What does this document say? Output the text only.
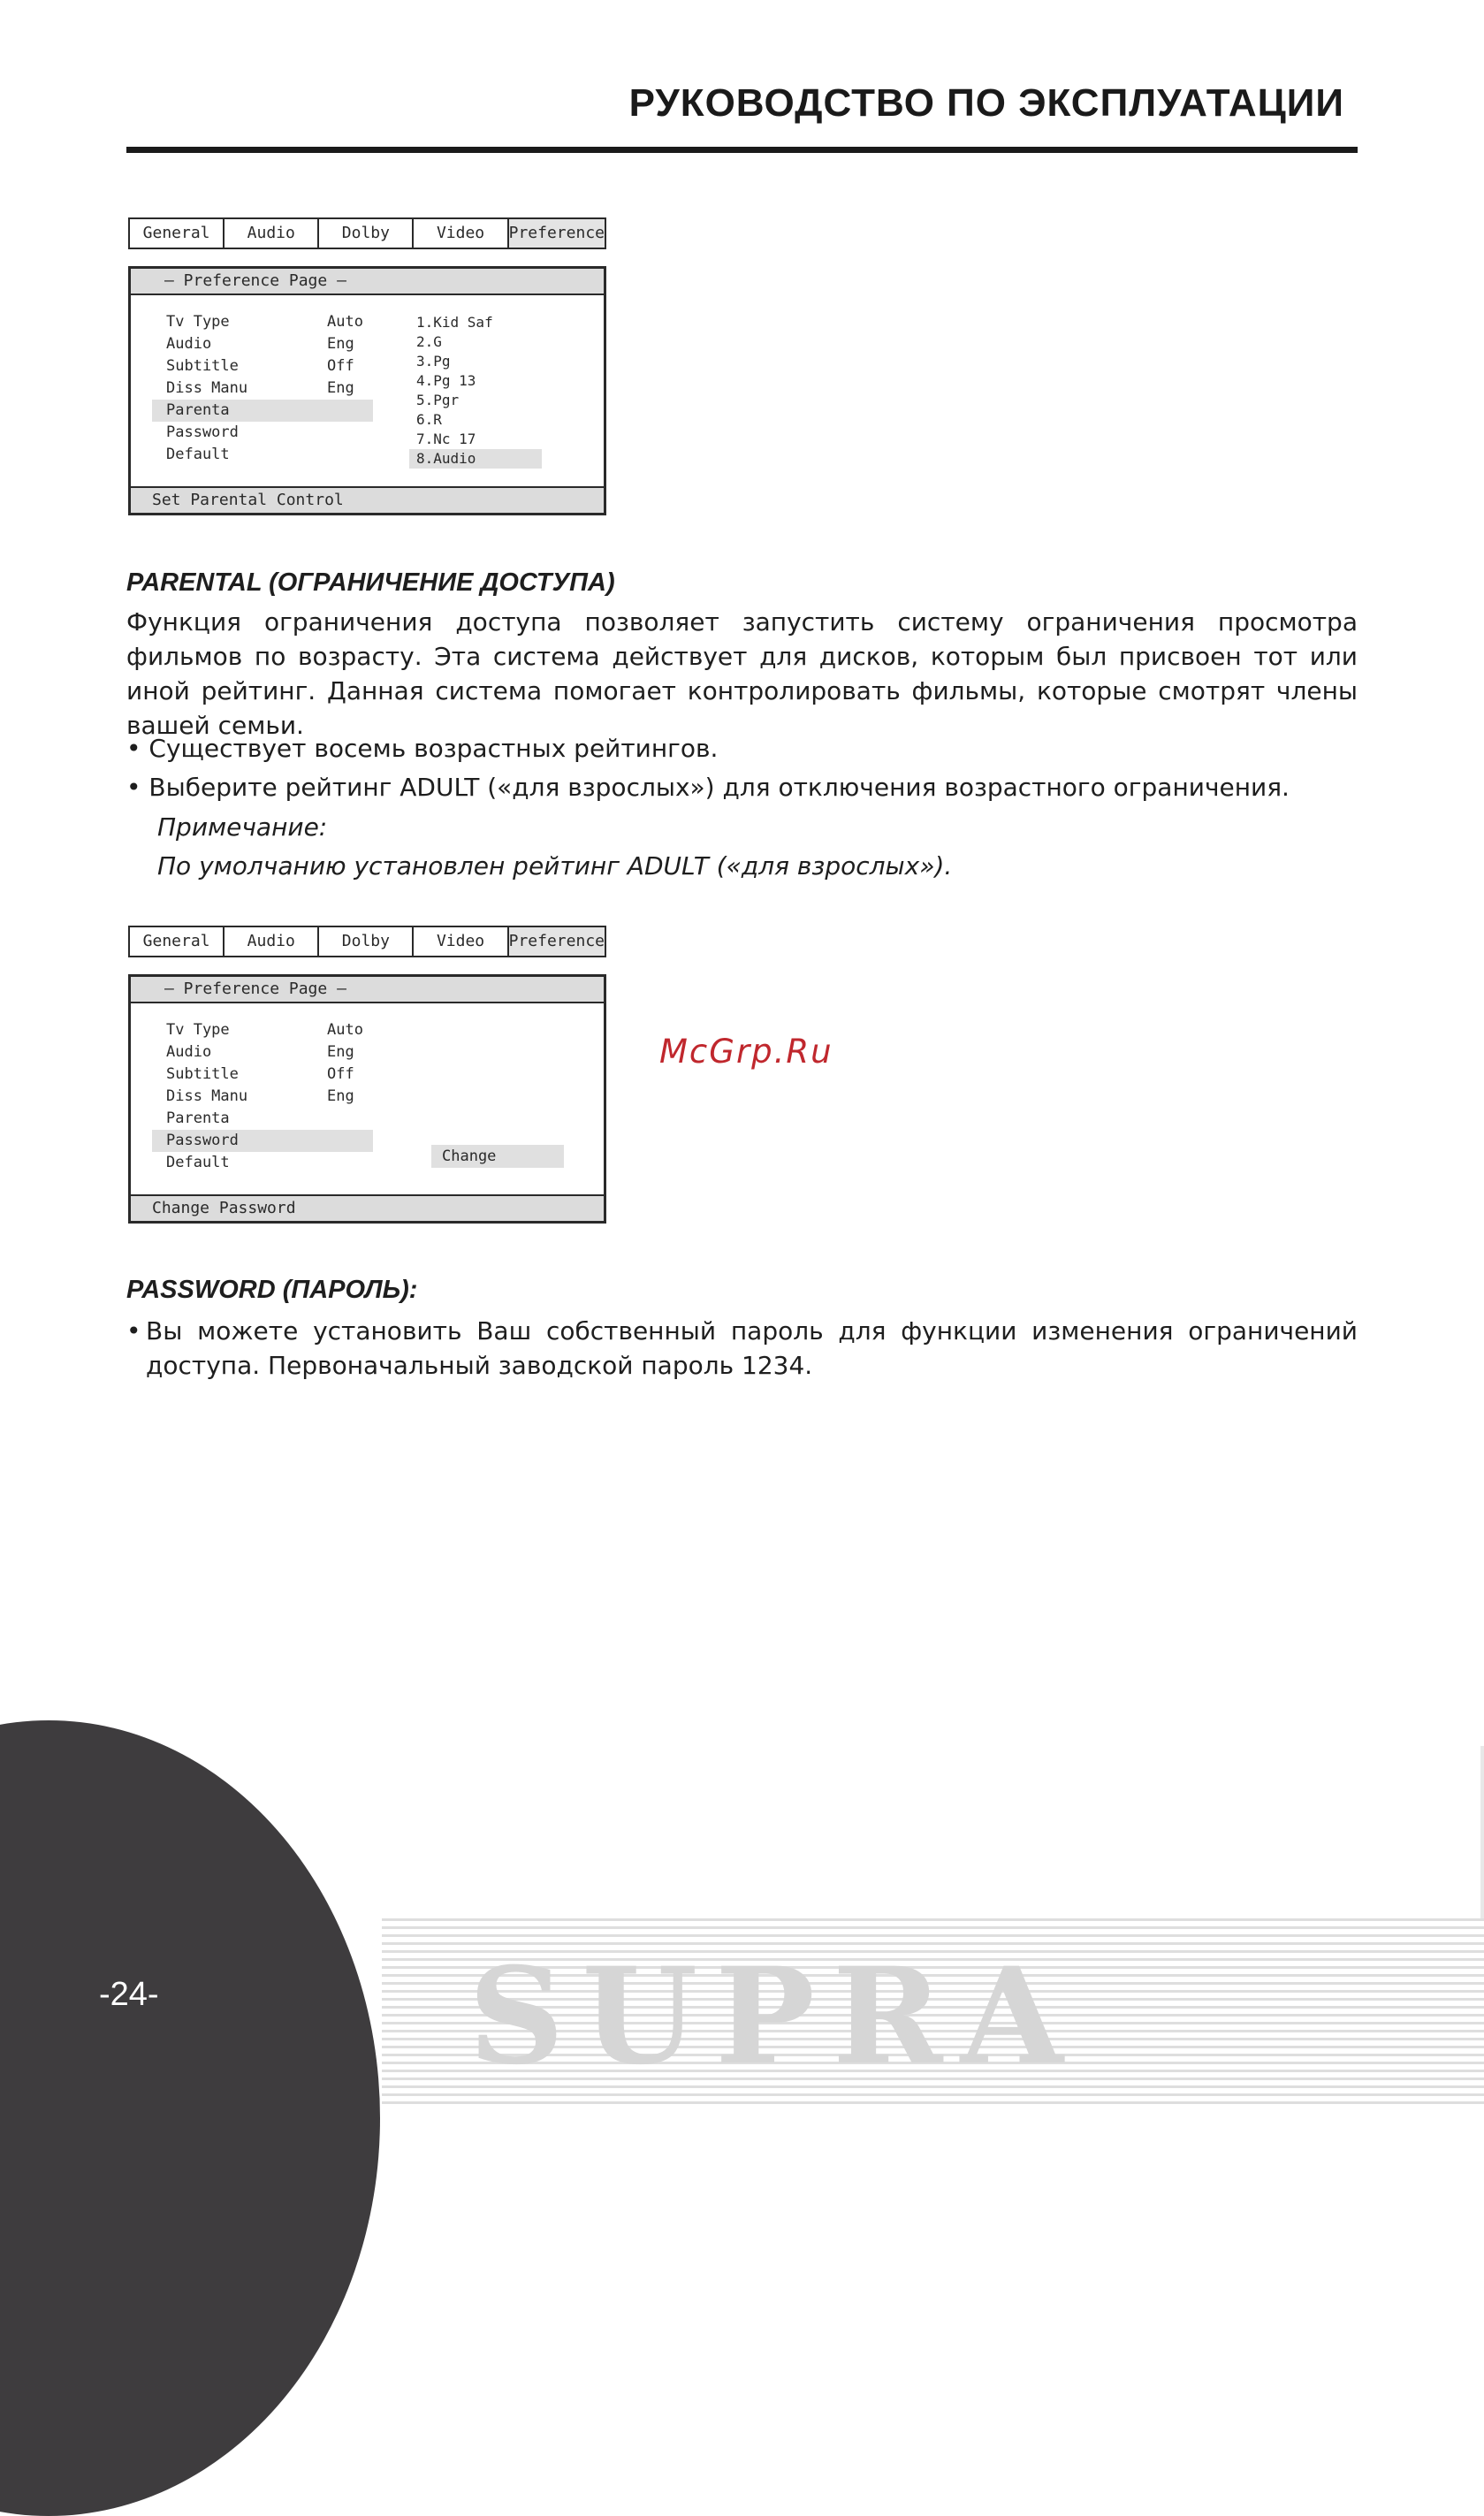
РУКОВОДСТВО ПО ЭКСПЛУАТАЦИИ
General	Audio	Dolby	Video	Preference
— Preference Page —
Tv Type	Auto
Audio	Eng
Subtitle	Off
Diss Manu	Eng
Parenta
Password
Default
1.Kid Saf
2.G
3.Pg
4.Pg 13
5.Pgr
6.R
7.Nc 17
8.Audio
Set Parental Control
PARENTAL (ОГРАНИЧЕНИЕ ДОСТУПА)
Функция ограничения доступа позволяет запустить систему ограничения просмотра фильмов по возрасту. Эта система действует для дисков, которым был присвоен тот или иной рейтинг. Данная система помогает контролировать фильмы, которые смотрят члены вашей семьи.
• Существует восемь возрастных рейтингов.
• Выберите рейтинг ADULT («для взрослых») для отключения возрастного ограничения.
Примечание:
По умолчанию установлен рейтинг ADULT («для взрослых»).
General	Audio	Dolby	Video	Preference
— Preference Page —
Tv Type	Auto
Audio	Eng
Subtitle	Off
Diss Manu	Eng
Parenta
Password
Default	Change
Change Password
McGrp.Ru
PASSWORD (ПАРОЛЬ):
• Вы можете установить Ваш собственный пароль для функции изменения ограничений доступа. Первоначальный заводской пароль 1234.
SUPRA
-24-
